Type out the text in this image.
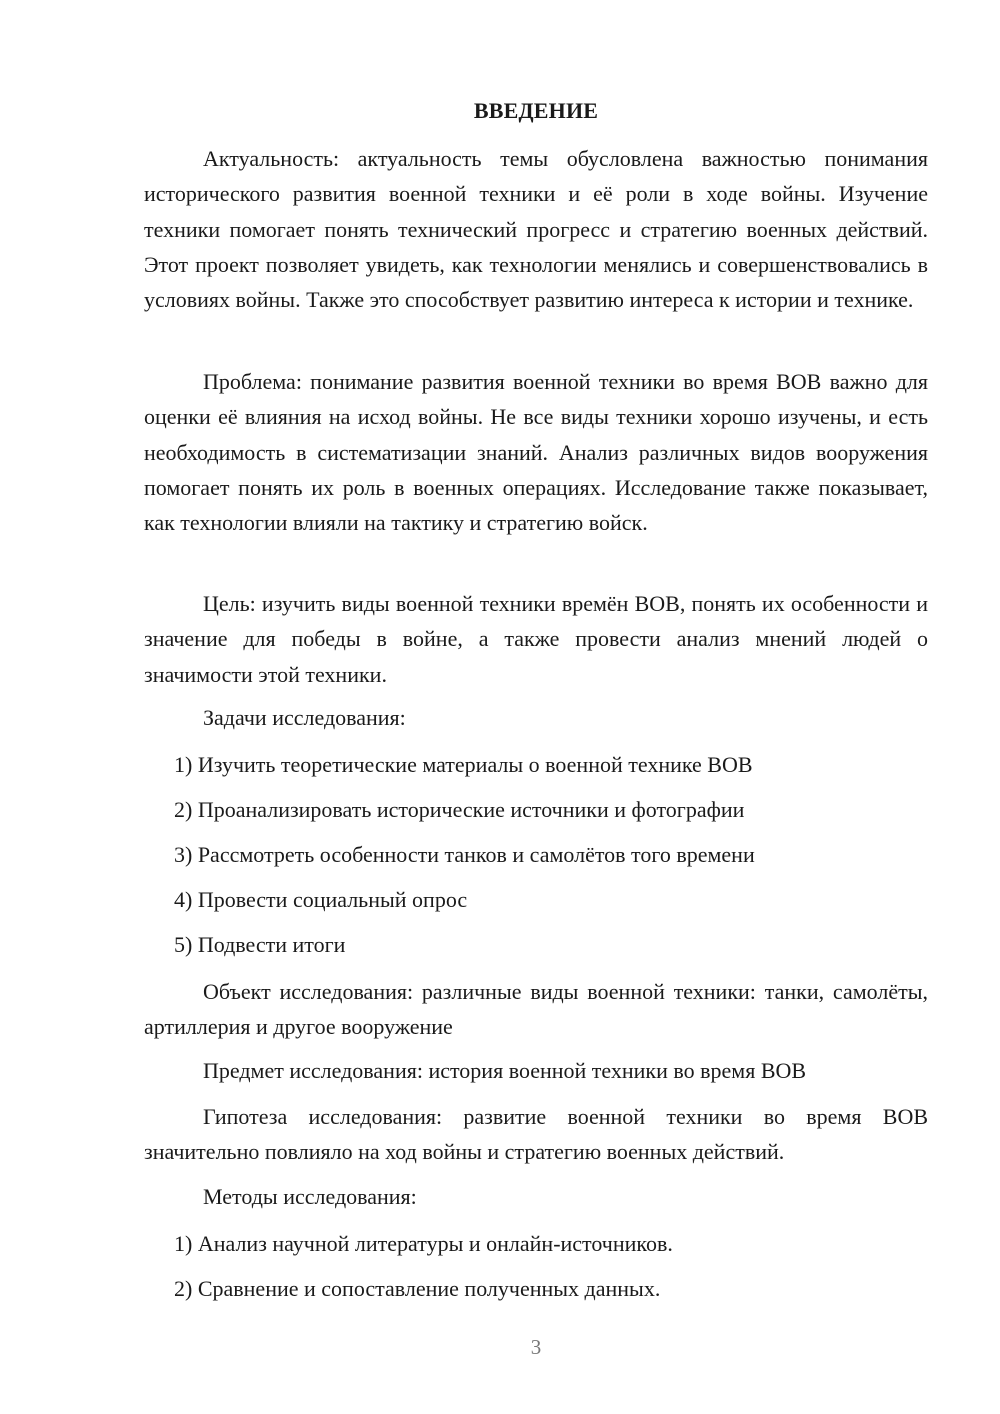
ВВЕДЕНИЕ

Актуальность: актуальность темы обусловлена важностью понимания исторического развития военной техники и её роли в ходе войны. Изучение техники помогает понять технический прогресс и стратегию военных действий. Этот проект позволяет увидеть, как технологии менялись и совершенствовались в условиях войны. Также это способствует развитию интереса к истории и технике.

Проблема: понимание развития военной техники во время ВОВ важно для оценки её влияния на исход войны. Не все виды техники хорошо изучены, и есть необходимость в систематизации знаний. Анализ различных видов вооружения помогает понять их роль в военных операциях. Исследование также показывает, как технологии влияли на тактику и стратегию войск.

Цель: изучить виды военной техники времён ВОВ, понять их особенности и значение для победы в войне, а также провести анализ мнений людей о значимости этой техники.

Задачи исследования:

1) Изучить теоретические материалы о военной технике ВОВ

2) Проанализировать исторические источники и фотографии

3) Рассмотреть особенности танков и самолётов того времени

4) Провести социальный опрос

5) Подвести итоги

Объект исследования: различные виды военной техники: танки, самолёты, артиллерия и другое вооружение

Предмет исследования: история военной техники во время ВОВ

Гипотеза исследования: развитие военной техники во время ВОВ значительно повлияло на ход войны и стратегию военных действий.

Методы исследования:

1) Анализ научной литературы и онлайн-источников.

2) Сравнение и сопоставление полученных данных.

3
